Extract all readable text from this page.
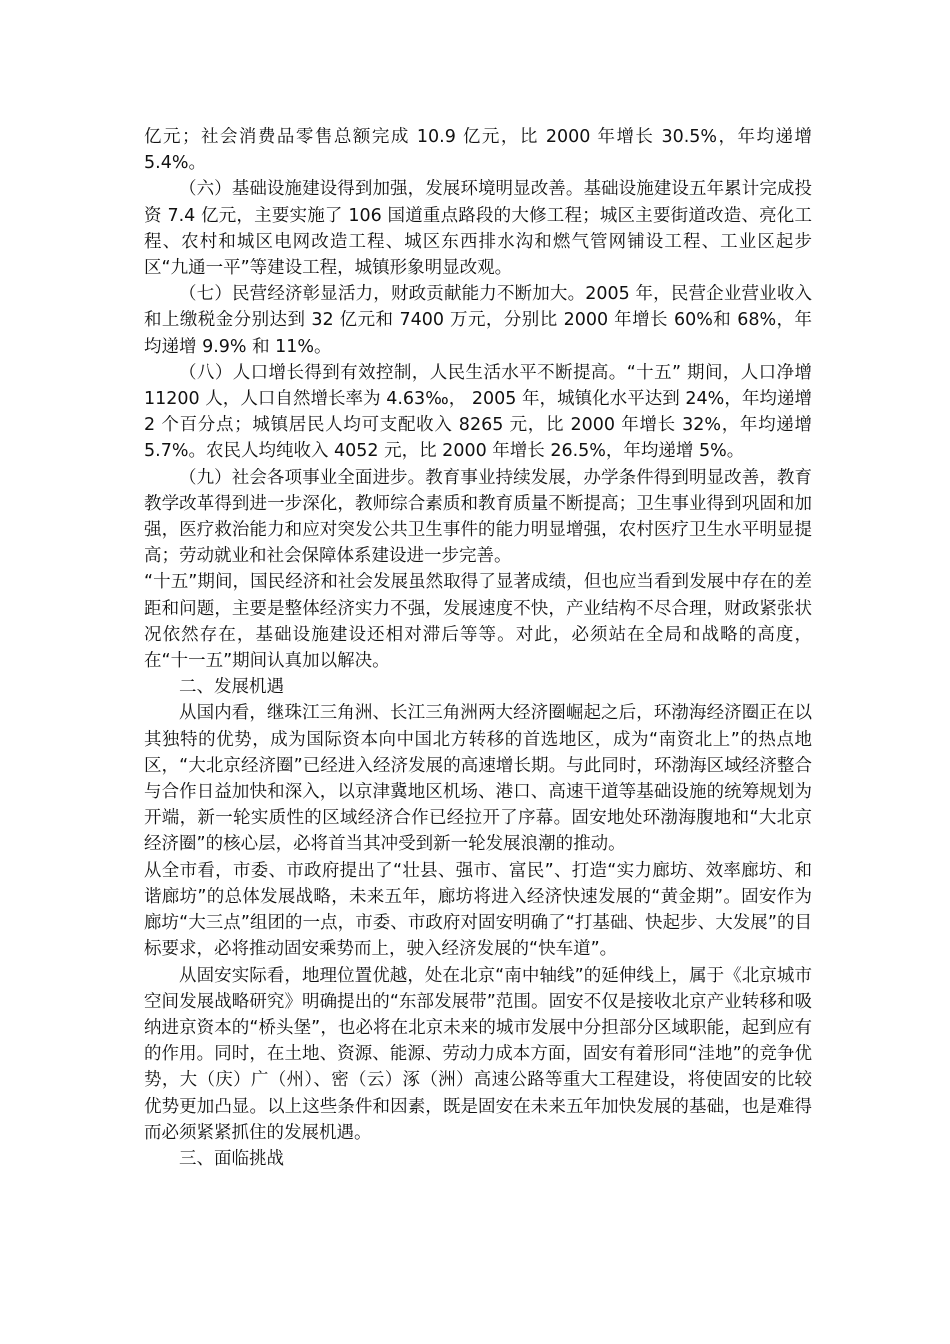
亿元；社会消费品零售总额完成 10.9 亿元，比 2000 年增长 30.5%，年均递增 5.4%。

（六）基础设施建设得到加强，发展环境明显改善。基础设施建设五年累计完成投资 7.4 亿元，主要实施了 106 国道重点路段的大修工程；城区主要街道改造、亮化工程、农村和城区电网改造工程、城区东西排水沟和燃气管网铺设工程、工业区起步区“九通一平”等建设工程，城镇形象明显改观。

（七）民营经济彰显活力，财政贡献能力不断加大。2005 年，民营企业营业收入和上缴税金分别达到 32 亿元和 7400 万元，分别比 2000 年增长 60%和 68%，年均递增 9.9% 和 11%。

（八）人口增长得到有效控制，人民生活水平不断提高。“十五” 期间，人口净增 11200 人，人口自然增长率为 4.63‰， 2005 年，城镇化水平达到 24%，年均递增 2 个百分点；城镇居民人均可支配收入 8265 元，比 2000 年增长 32%，年均递增 5.7%。农民人均纯收入 4052 元，比 2000 年增长 26.5%，年均递增 5%。

（九）社会各项事业全面进步。教育事业持续发展，办学条件得到明显改善，教育教学改革得到进一步深化，教师综合素质和教育质量不断提高；卫生事业得到巩固和加强，医疗救治能力和应对突发公共卫生事件的能力明显增强，农村医疗卫生水平明显提高；劳动就业和社会保障体系建设进一步完善。

“十五”期间，国民经济和社会发展虽然取得了显著成绩，但也应当看到发展中存在的差距和问题，主要是整体经济实力不强，发展速度不快，产业结构不尽合理，财政紧张状况依然存在，基础设施建设还相对滞后等等。对此，必须站在全局和战略的高度，在“十一五”期间认真加以解决。

二、发展机遇

从国内看，继珠江三角洲、长江三角洲两大经济圈崛起之后，环渤海经济圈正在以其独特的优势，成为国际资本向中国北方转移的首选地区，成为“南资北上”的热点地区，“大北京经济圈”已经进入经济发展的高速增长期。与此同时，环渤海区域经济整合与合作日益加快和深入，以京津冀地区机场、港口、高速干道等基础设施的统筹规划为开端，新一轮实质性的区域经济合作已经拉开了序幕。固安地处环渤海腹地和“大北京经济圈”的核心层，必将首当其冲受到新一轮发展浪潮的推动。

从全市看，市委、市政府提出了“壮县、强市、富民”、打造“实力廊坊、效率廊坊、和谐廊坊”的总体发展战略，未来五年，廊坊将进入经济快速发展的“黄金期”。固安作为廊坊“大三点”组团的一点，市委、市政府对固安明确了“打基础、快起步、大发展”的目标要求，必将推动固安乘势而上，驶入经济发展的“快车道”。

从固安实际看，地理位置优越，处在北京“南中轴线”的延伸线上，属于《北京城市空间发展战略研究》明确提出的“东部发展带”范围。固安不仅是接收北京产业转移和吸纳进京资本的“桥头堡”，也必将在北京未来的城市发展中分担部分区域职能，起到应有的作用。同时，在土地、资源、能源、劳动力成本方面，固安有着形同“洼地”的竞争优势，大（庆）广（州）、密（云）涿（洲）高速公路等重大工程建设，将使固安的比较优势更加凸显。以上这些条件和因素，既是固安在未来五年加快发展的基础，也是难得而必须紧紧抓住的发展机遇。

三、面临挑战
